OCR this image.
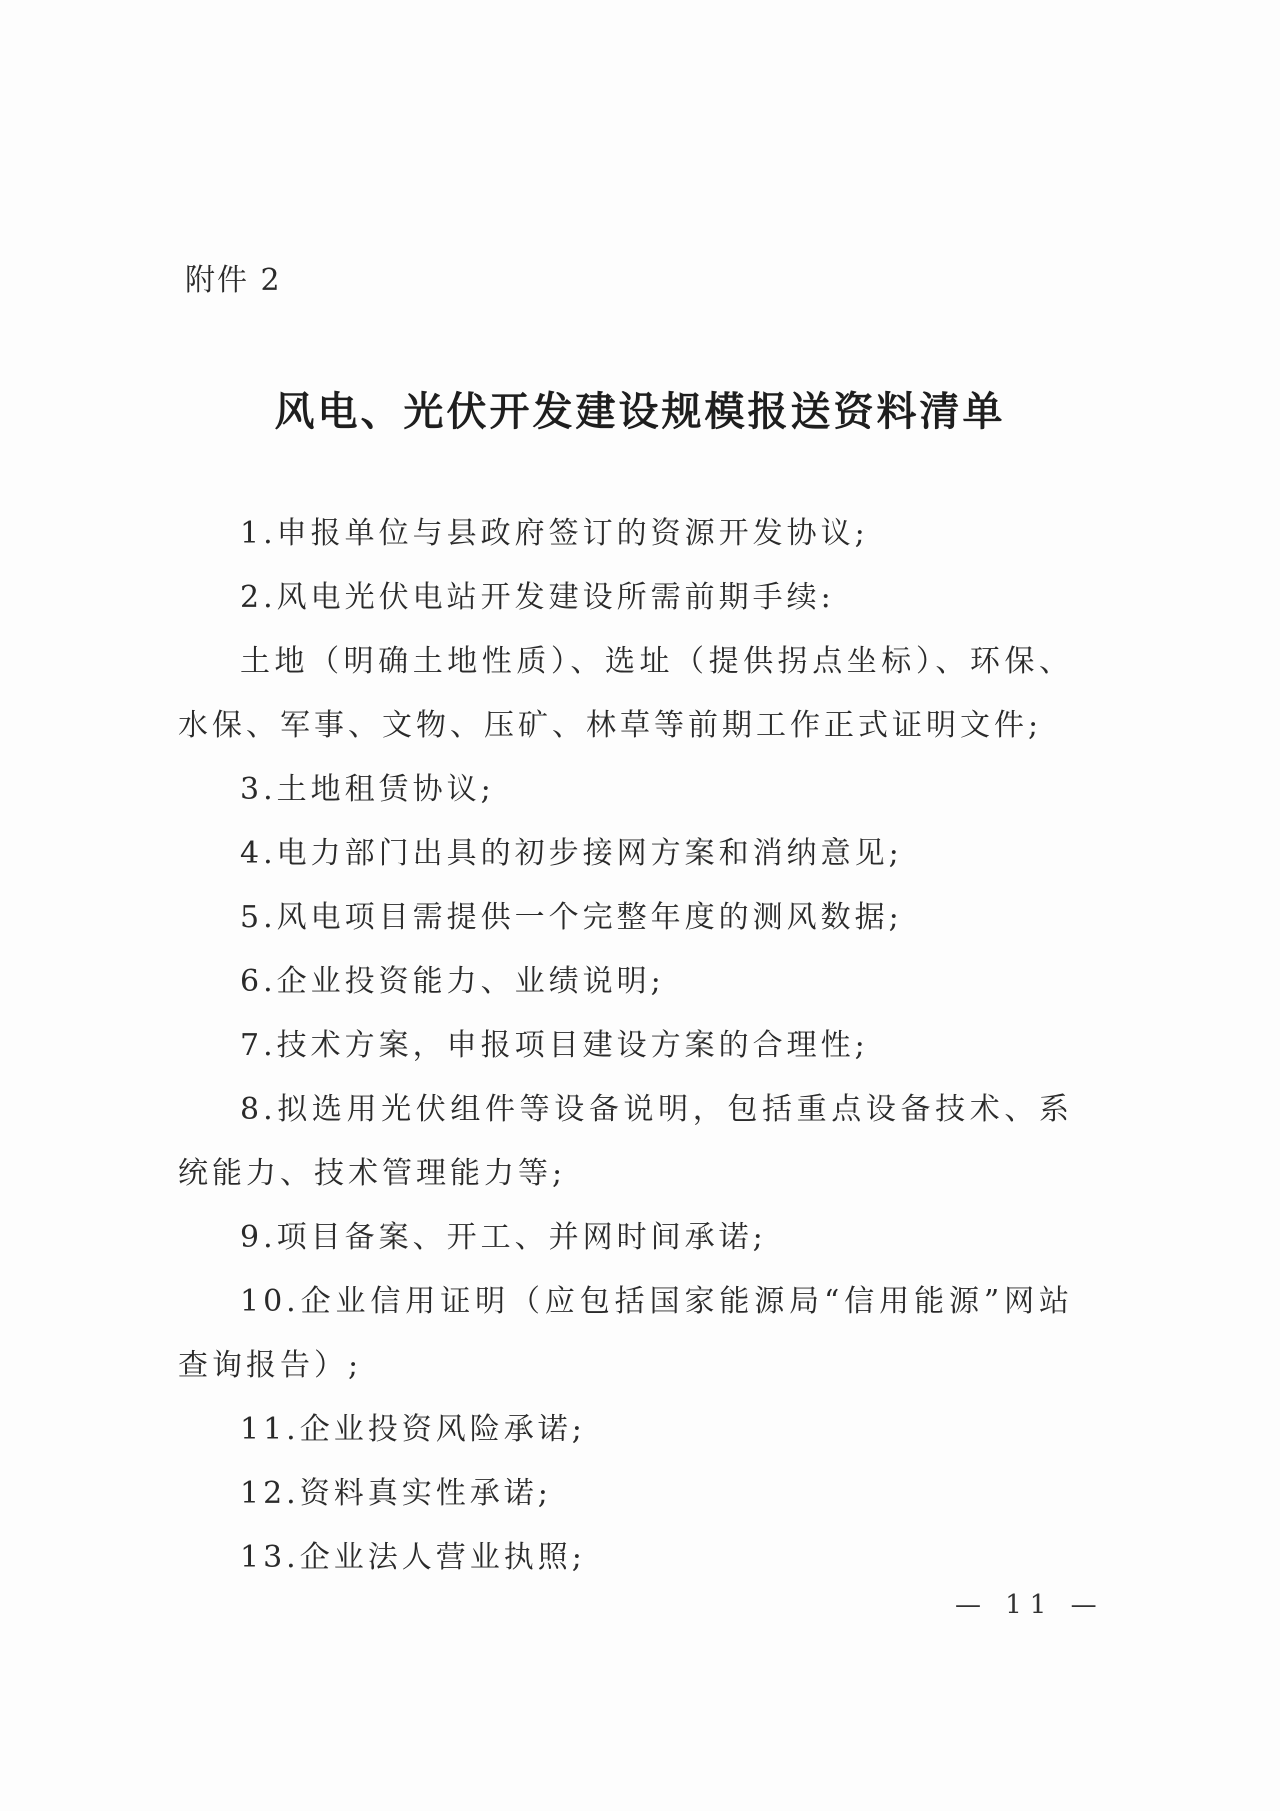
附件 2
风电、光伏开发建设规模报送资料清单

1.申报单位与县政府签订的资源开发协议;

2.风电光伏电站开发建设所需前期手续:

土地（明确土地性质）、选址（提供拐点坐标）、环保、水保、军事、文物、压矿、林草等前期工作正式证明文件;

3.土地租赁协议;

4.电力部门出具的初步接网方案和消纳意见;

5.风电项目需提供一个完整年度的测风数据;

6.企业投资能力、业绩说明;

7.技术方案，申报项目建设方案的合理性;

8.拟选用光伏组件等设备说明，包括重点设备技术、系统能力、技术管理能力等;

9.项目备案、开工、并网时间承诺;

10.企业信用证明（应包括国家能源局“信用能源”网站查询报告）;

11.企业投资风险承诺;

12.资料真实性承诺;

13.企业法人营业执照;

— 11 —
